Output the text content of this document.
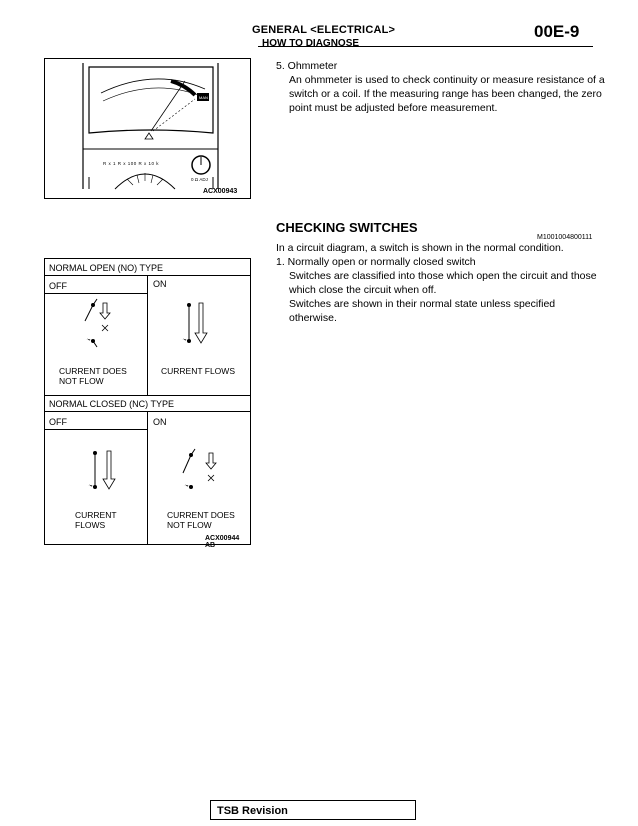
GENERAL <ELECTRICAL>
HOW TO DIAGNOSE
00E-9
MAN
R x 1 R x 100 R x 10 k
0 Ω ADJ
ACX00943
5. Ohmmeter
An ohmmeter is used to check continuity or measure resistance of a switch or a coil. If the measuring range has been changed, the zero point must be adjusted before measurement.
CHECKING SWITCHES
M1001004800111
In a circuit diagram, a switch is shown in the normal condition.
1. Normally open or normally closed switch
Switches are classified into those which open the circuit and those which close the circuit when off.
Switches are shown in their normal state unless specified otherwise.
NORMAL OPEN (NO) TYPE
OFF	ON
NORMAL CLOSED (NC) TYPE
OFF	ON
CURRENT DOES NOT FLOW
CURRENT FLOWS
CURRENT FLOWS
CURRENT DOES NOT FLOW
ACX00944 AB
TSB Revision
